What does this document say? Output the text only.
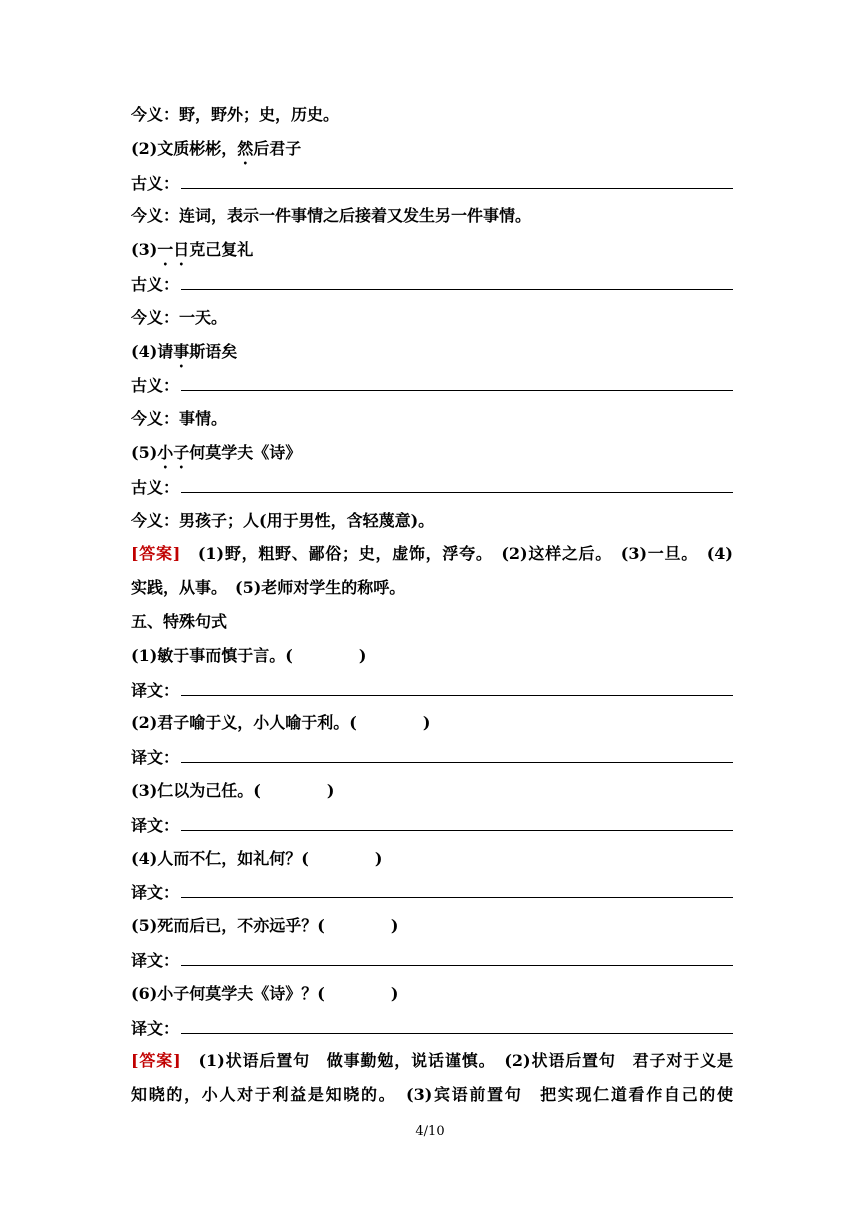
今义：野，野外；史，历史。
(2)文质彬彬，然后君子
古义：
今义：连词，表示一件事情之后接着又发生另一件事情。
(3)一日克己复礼
古义：
今义：一天。
(4)请事斯语矣
古义：
今义：事情。
(5)小子何莫学夫《诗》
古义：
今义：男孩子；人(用于男性，含轻蔑意)。
[答案]　 (1)野，粗野、鄙俗；史，虚饰，浮夸。　(2)这样之后。　(3)一旦。　(4)
实践，从事。　(5)老师对学生的称呼。
五、特殊句式
(1)敏于事而慎于言。(	)
译文：
(2)君子喻于义，小人喻于利。(	)
译文：
(3)仁以为己任。(	)
译文：
(4)人而不仁，如礼何？(	)
译文：
(5)死而后已，不亦远乎？(	)
译文：
(6)小子何莫学夫《诗》？(	)
译文：
[答案]　 (1)状语后置句　做事勤勉，说话谨慎。　(2)状语后置句　君子对于义是
知晓的，小人对于利益是知晓的。　(3)宾语前置句　把实现仁道看作自己的使
4/10
